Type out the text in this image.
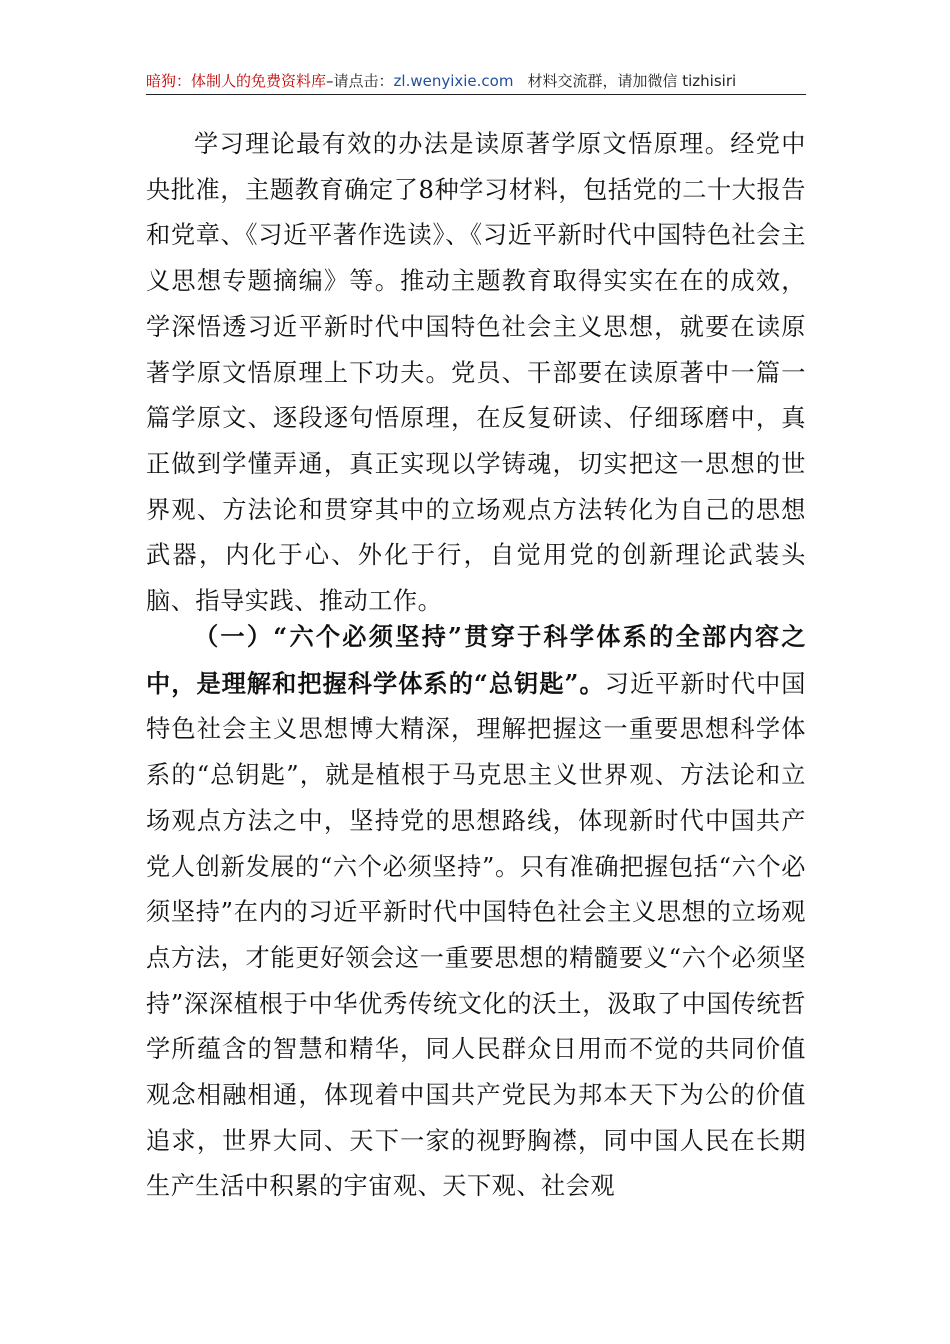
暗狗：体制人的免费资料库–请点击：zl.wenyixie.com 材料交流群，请加微信 tizhisiri

学习理论最有效的办法是读原著学原文悟原理。经党中央批准，主题教育确定了8种学习材料，包括党的二十大报告和党章、《习近平著作选读》、《习近平新时代中国特色社会主义思想专题摘编》等。推动主题教育取得实实在在的成效，学深悟透习近平新时代中国特色社会主义思想，就要在读原著学原文悟原理上下功夫。党员、干部要在读原著中一篇一篇学原文、逐段逐句悟原理，在反复研读、仔细琢磨中，真正做到学懂弄通，真正实现以学铸魂，切实把这一思想的世界观、方法论和贯穿其中的立场观点方法转化为自己的思想武器，内化于心、外化于行，自觉用党的创新理论武装头脑、指导实践、推动工作。

（一）“六个必须坚持”贯穿于科学体系的全部内容之中，是理解和把握科学体系的“总钥匙”。习近平新时代中国特色社会主义思想博大精深，理解把握这一重要思想科学体系的“总钥匙”，就是植根于马克思主义世界观、方法论和立场观点方法之中，坚持党的思想路线，体现新时代中国共产党人创新发展的“六个必须坚持”。只有准确把握包括“六个必须坚持”在内的习近平新时代中国特色社会主义思想的立场观点方法，才能更好领会这一重要思想的精髓要义“六个必须坚持”深深植根于中华优秀传统文化的沃土，汲取了中国传统哲学所蕴含的智慧和精华，同人民群众日用而不觉的共同价值观念相融相通，体现着中国共产党民为邦本天下为公的价值追求，世界大同、天下一家的视野胸襟，同中国人民在长期生产生活中积累的宇宙观、天下观、社会观
